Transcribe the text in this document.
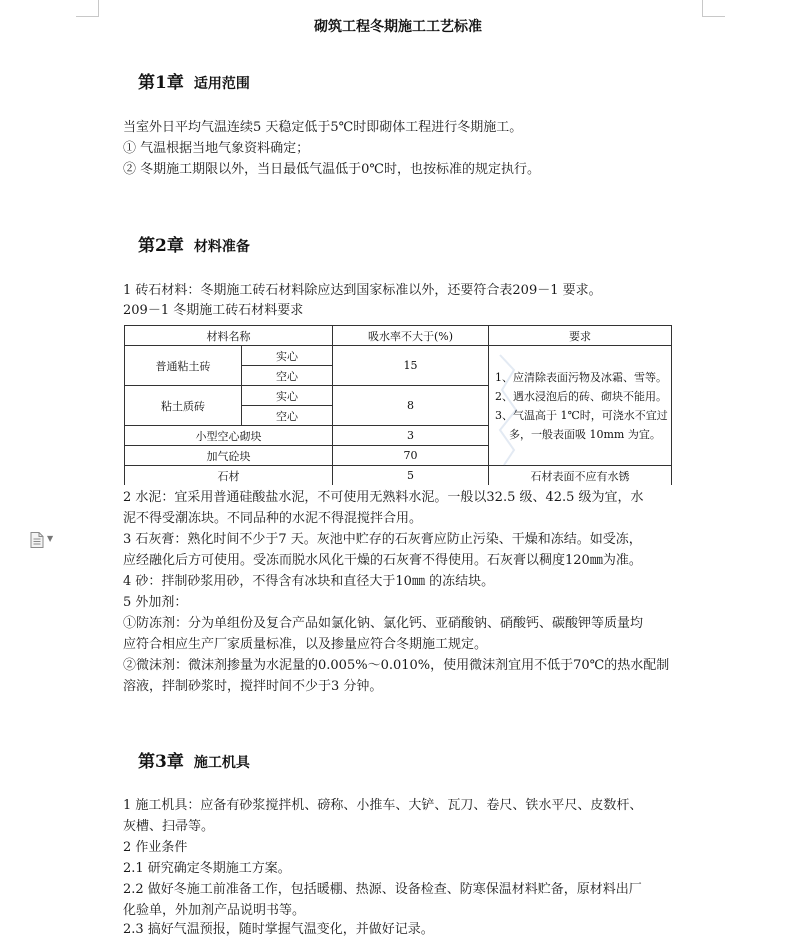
砌筑工程冬期施工工艺标准
第1章 适用范围
当室外日平均气温连续5 天稳定低于5℃时即砌体工程进行冬期施工。
① 气温根据当地气象资料确定；
② 冬期施工期限以外，当日最低气温低于0℃时，也按标准的规定执行。
第2章 材料准备
1 砖石材料：冬期施工砖石材料除应达到国家标准以外，还要符合表209－1 要求。
209－1 冬期施工砖石材料要求
材料名称		吸水率不大于(%)	要求
普通粘土砖	实心	15	1、应清除表面污物及冰霜、雪等。
2、遇水浸泡后的砖、砌块不能用。
3、气温高于 1℃时，可浇水不宜过
多，一般表面吸 10mm 为宜。

	空心		
粘土质砖	实心	8	
	空心		
小型空心砌块		3	
加气砼块		70	
石材		5	石材表面不应有水锈
▼
2 水泥：宜采用普通硅酸盐水泥，不可使用无熟料水泥。一般以32.5 级、42.5 级为宜，水
泥不得受潮冻块。不同品种的水泥不得混搅拌合用。
3 石灰膏：熟化时间不少于7 天。灰池中贮存的石灰膏应防止污染、干燥和冻结。如受冻，
应经融化后方可使用。受冻而脱水风化干燥的石灰膏不得使用。石灰膏以稠度120㎜为准。
4 砂：拌制砂浆用砂，不得含有冰块和直径大于10㎜ 的冻结块。
5 外加剂：
①防冻剂：分为单组份及复合产品如氯化钠、氯化钙、亚硝酸钠、硝酸钙、碳酸钾等质量均
应符合相应生产厂家质量标准，以及掺量应符合冬期施工规定。
②微沫剂：微沫剂掺量为水泥量的0.005%～0.010%，使用微沫剂宜用不低于70℃的热水配制
溶液，拌制砂浆时，搅拌时间不少于3 分钟。
第3章 施工机具
1 施工机具：应备有砂浆搅拌机、磅称、小推车、大铲、瓦刀、卷尺、铁水平尺、皮数杆、
灰槽、扫帚等。
2 作业条件
2.1 研究确定冬期施工方案。
2.2 做好冬施工前准备工作，包括暖棚、热源、设备检查、防寒保温材料贮备，原材料出厂
化验单，外加剂产品说明书等。
2.3 搞好气温预报，随时掌握气温变化，并做好记录。
